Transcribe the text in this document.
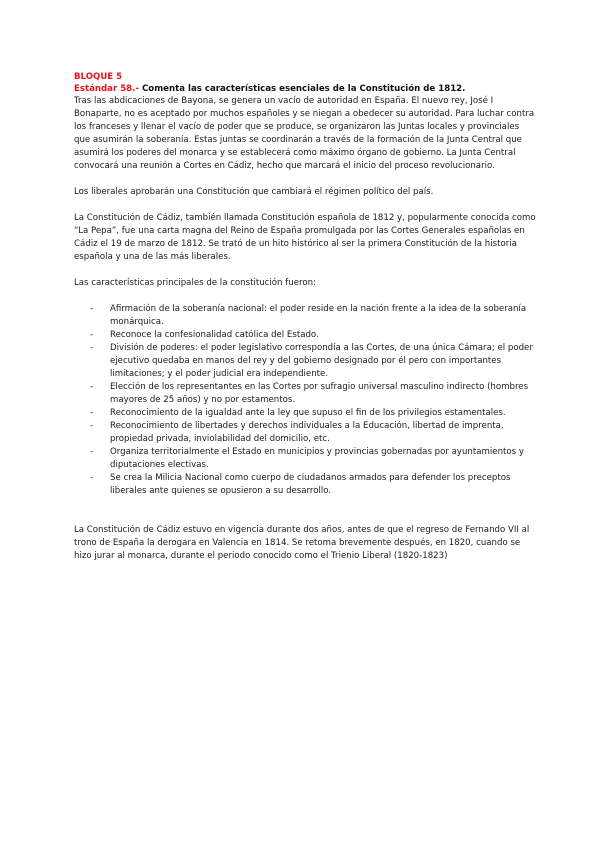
BLOQUE 5
Estándar 58.- Comenta las características esenciales de la Constitución de 1812.

Tras las abdicaciones de Bayona, se genera un vacío de autoridad en España. El nuevo rey, José I Bonaparte, no es aceptado por muchos españoles y se niegan a obedecer su autoridad. Para luchar contra los franceses y llenar el vacío de poder que se produce, se organizaron las Juntas locales y provinciales que asumirán la soberanía. Estas juntas se coordinarán a través de la formación de la Junta Central que asumirá los poderes del monarca y se establecerá como máximo órgano de gobierno. La Junta Central convocará una reunión a Cortes en Cádiz, hecho que marcará el inicio del proceso revolucionario.

Los liberales aprobarán una Constitución que cambiará el régimen político del país.

La Constitución de Cádiz, también llamada Constitución española de 1812 y, popularmente conocida como “La Pepa”, fue una carta magna del Reino de España promulgada por las Cortes Generales españolas en Cádiz el 19 de marzo de 1812. Se trató de un hito histórico al ser la primera Constitución de la historia española y una de las más liberales.

Las características principales de la constitución fueron:

- Afirmación de la soberanía nacional: el poder reside en la nación frente a la idea de la soberanía monárquica.
- Reconoce la confesionalidad católica del Estado.
- División de poderes: el poder legislativo correspondía a las Cortes, de una única Cámara; el poder ejecutivo quedaba en manos del rey y del gobierno designado por él pero con importantes limitaciones; y el poder judicial era independiente.
- Elección de los representantes en las Cortes por sufragio universal masculino indirecto (hombres mayores de 25 años) y no por estamentos.
- Reconocimiento de la igualdad ante la ley que supuso el fin de los privilegios estamentales.
- Reconocimiento de libertades y derechos individuales a la Educación, libertad de imprenta, propiedad privada, inviolabilidad del domicilio, etc.
- Organiza territorialmente el Estado en municipios y provincias gobernadas por ayuntamientos y diputaciones electivas.
- Se crea la Milicia Nacional como cuerpo de ciudadanos armados para defender los preceptos liberales ante quienes se opusieron a su desarrollo.

La Constitución de Cádiz estuvo en vigencia durante dos años, antes de que el regreso de Fernando VII al trono de España la derogara en Valencia en 1814. Se retoma brevemente después, en 1820, cuando se hizo jurar al monarca, durante el periodo conocido como el Trienio Liberal (1820-1823)
